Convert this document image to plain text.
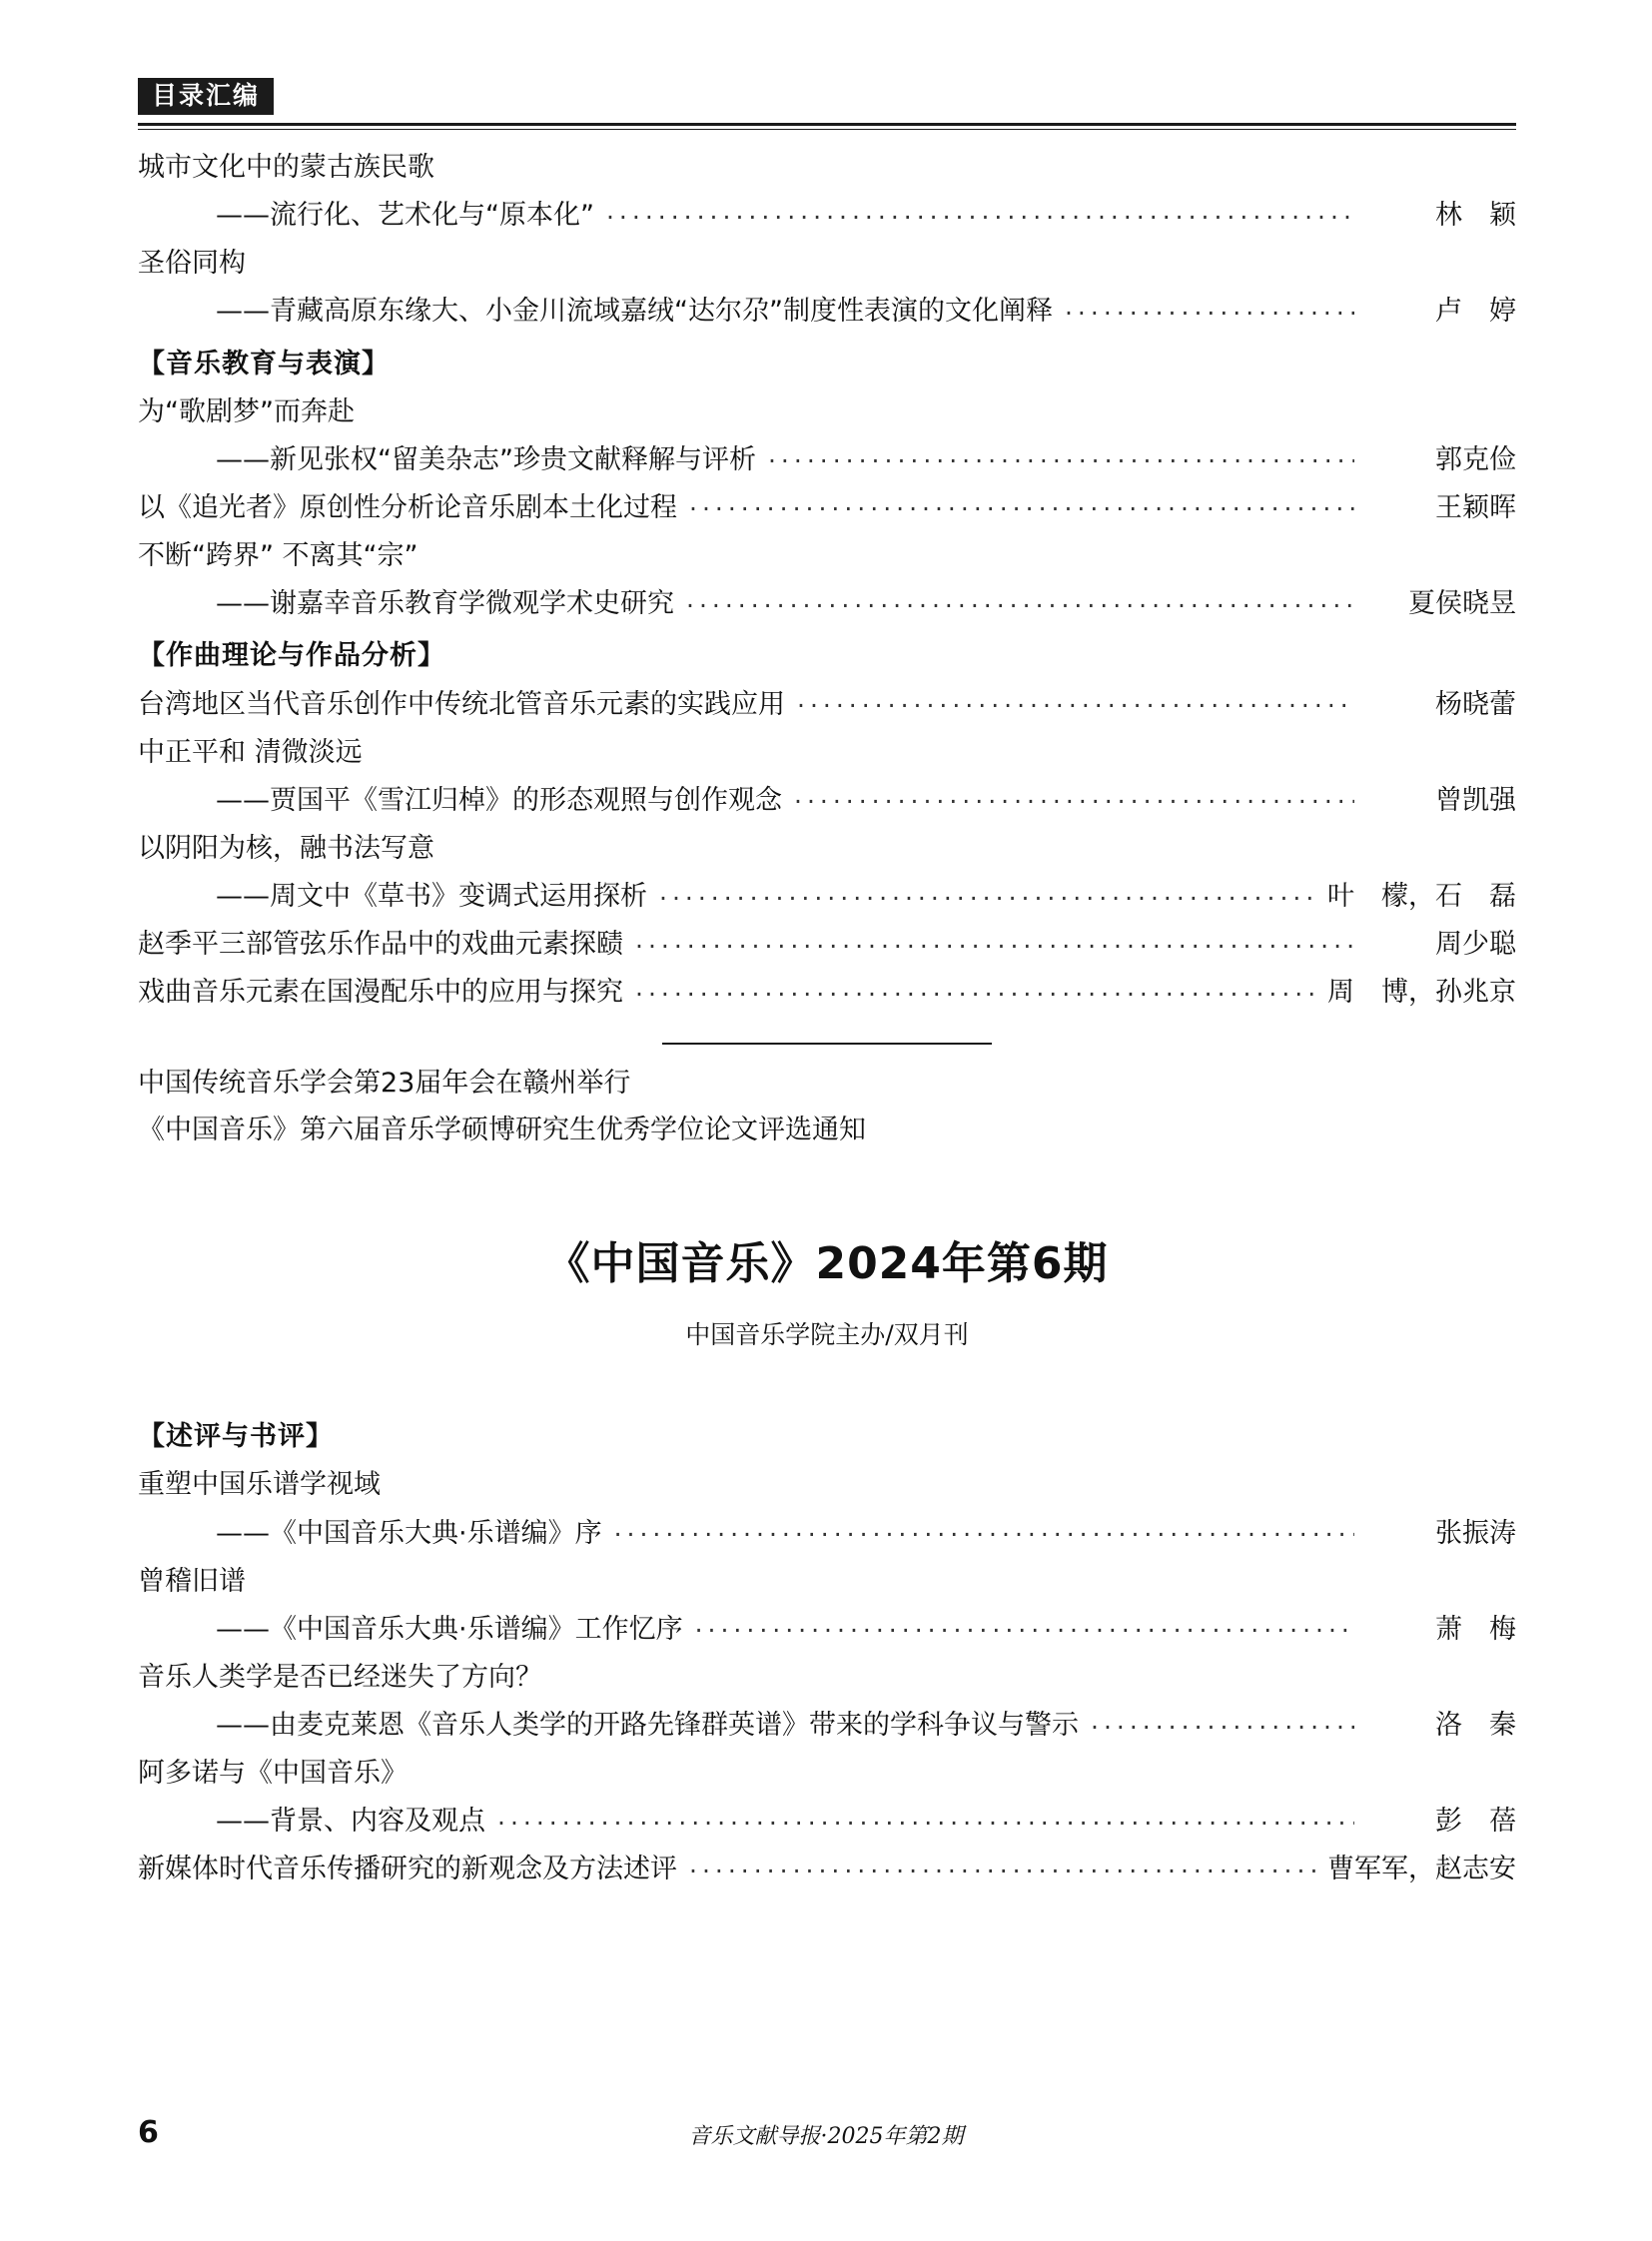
目录汇编
城市文化中的蒙古族民歌
——流行化、艺术化与“原本化” .....	林　颖
圣俗同构
——青藏高原东缘大、小金川流域嘉绒“达尔尕”制度性表演的文化阐释 .....	卢　婷
【音乐教育与表演】
为“歌剧梦”而奔赴
——新见张权“留美杂志”珍贵文献释解与评析 .....	郭克俭
以《追光者》原创性分析论音乐剧本土化过程 .....	王颖晖
不断“跨界” 不离其“宗”
——谢嘉幸音乐教育学微观学术史研究 .....	夏侯晓昱
【作曲理论与作品分析】
台湾地区当代音乐创作中传统北管音乐元素的实践应用 .....	杨晓蕾
中正平和 清微淡远
——贾国平《雪江归棹》的形态观照与创作观念 .....	曾凯强
以阴阳为核，融书法写意
——周文中《草书》变调式运用探析 .....	叶　檬，石　磊
赵季平三部管弦乐作品中的戏曲元素探赜 .....	周少聪
戏曲音乐元素在国漫配乐中的应用与探究 .....	周　博，孙兆京
中国传统音乐学会第23届年会在赣州举行
《中国音乐》第六届音乐学硕博研究生优秀学位论文评选通知
《中国音乐》2024年第6期
中国音乐学院主办/双月刊
【述评与书评】
重塑中国乐谱学视域
——《中国音乐大典·乐谱编》序 .....	张振涛
曾稽旧谱
——《中国音乐大典·乐谱编》工作忆序 .....	萧　梅
音乐人类学是否已经迷失了方向？
——由麦克莱恩《音乐人类学的开路先锋群英谱》带来的学科争议与警示 .....	洛　秦
阿多诺与《中国音乐》
——背景、内容及观点 .....	彭　蓓
新媒体时代音乐传播研究的新观念及方法述评 .....	曹军军，赵志安
6	音乐文献导报·2025年第2期
